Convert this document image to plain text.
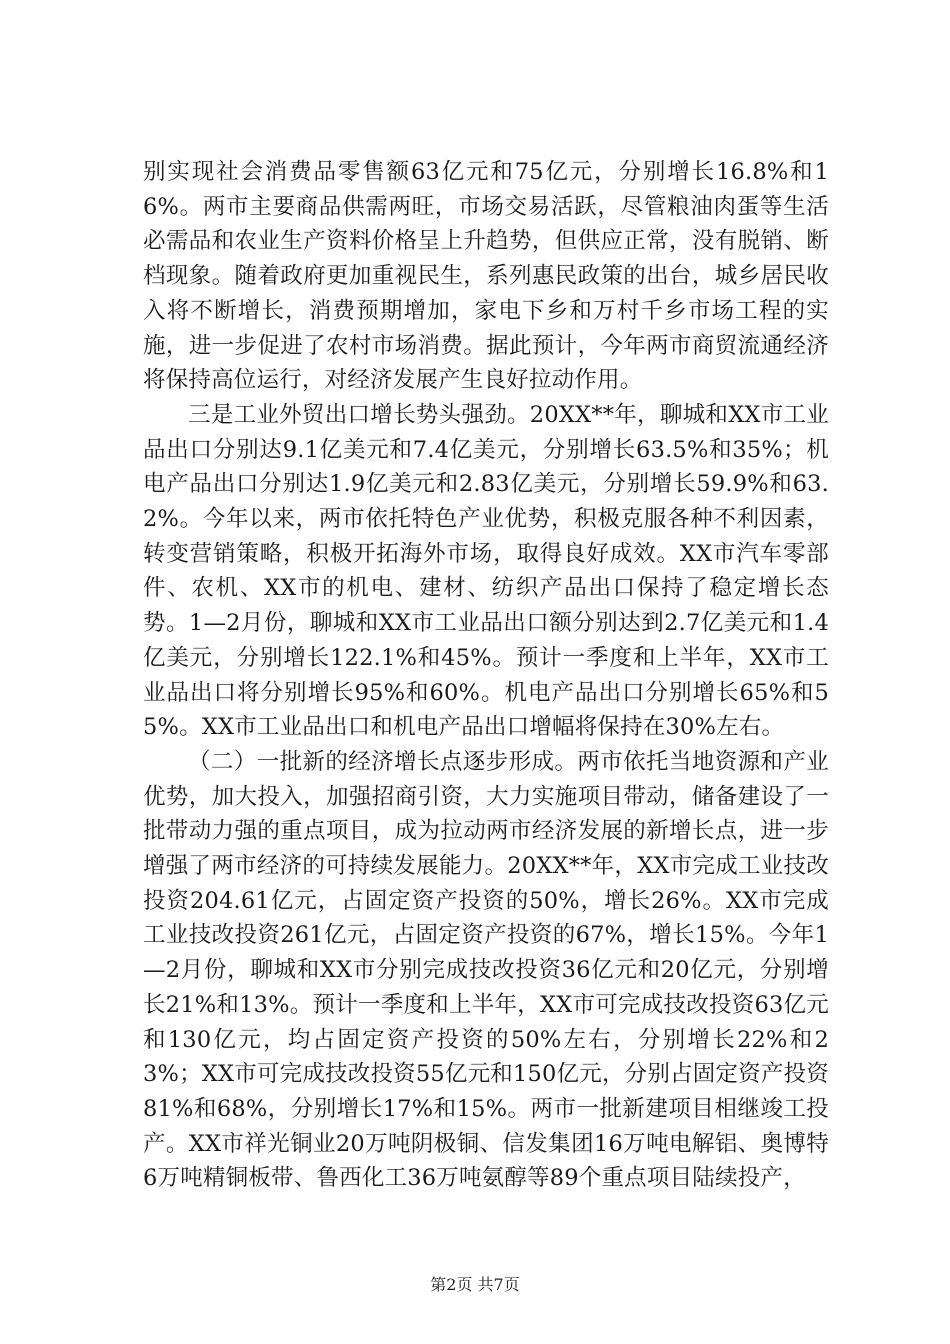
别实现社会消费品零售额63亿元和75亿元，分别增长16.8%和16%。两市主要商品供需两旺，市场交易活跃，尽管粮油肉蛋等生活必需品和农业生产资料价格呈上升趋势，但供应正常，没有脱销、断档现象。随着政府更加重视民生，系列惠民政策的出台，城乡居民收入将不断增长，消费预期增加，家电下乡和万村千乡市场工程的实施，进一步促进了农村市场消费。据此预计，今年两市商贸流通经济将保持高位运行，对经济发展产生良好拉动作用。

三是工业外贸出口增长势头强劲。20XX**年，聊城和XX市工业品出口分别达9.1亿美元和7.4亿美元，分别增长63.5%和35%；机电产品出口分别达1.9亿美元和2.83亿美元，分别增长59.9%和63.2%。今年以来，两市依托特色产业优势，积极克服各种不利因素，转变营销策略，积极开拓海外市场，取得良好成效。XX市汽车零部件、农机、XX市的机电、建材、纺织产品出口保持了稳定增长态势。1—2月份，聊城和XX市工业品出口额分别达到2.7亿美元和1.4亿美元，分别增长122.1%和45%。预计一季度和上半年，XX市工业品出口将分别增长95%和60%。机电产品出口分别增长65%和55%。XX市工业品出口和机电产品出口增幅将保持在30%左右。

（二）一批新的经济增长点逐步形成。两市依托当地资源和产业优势，加大投入，加强招商引资，大力实施项目带动，储备建设了一批带动力强的重点项目，成为拉动两市经济发展的新增长点，进一步增强了两市经济的可持续发展能力。20XX**年，XX市完成工业技改投资204.61亿元，占固定资产投资的50%，增长26%。XX市完成工业技改投资261亿元，占固定资产投资的67%，增长15%。今年1—2月份，聊城和XX市分别完成技改投资36亿元和20亿元，分别增长21%和13%。预计一季度和上半年，XX市可完成技改投资63亿元和130亿元，均占固定资产投资的50%左右，分别增长22%和23%；XX市可完成技改投资55亿元和150亿元，分别占固定资产投资81%和68%，分别增长17%和15%。两市一批新建项目相继竣工投产。XX市祥光铜业20万吨阴极铜、信发集团16万吨电解铝、奥博特6万吨精铜板带、鲁西化工36万吨氨醇等89个重点项目陆续投产，

第2页 共7页
